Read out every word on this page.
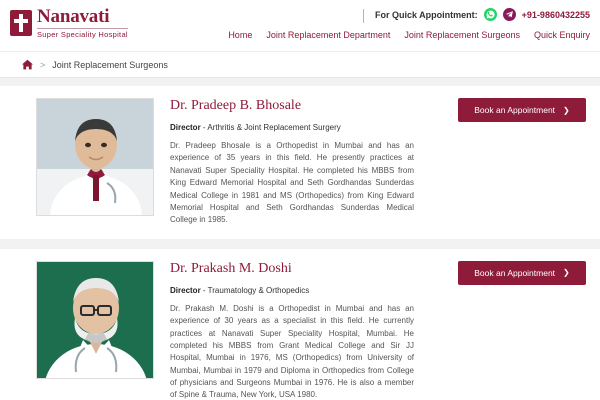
Nanavati
Super Speciality Hospital
For Quick Appointment:	+91-9860432255
Home Joint Replacement Department Joint Replacement Surgeons Quick Enquiry
> Joint Replacement Surgeons
Dr. Pradeep B. Bhosale
Director - Arthritis & Joint Replacement Surgery

Dr. Pradeep Bhosale is a Orthopedist in Mumbai and has an experience of 35 years in this field. He presently practices at Nanavati Super Speciality Hospital. He completed his MBBS from King Edward Memorial Hospital and Seth Gordhandas Sunderdas Medical College in 1981 and MS (Orthopedics) from King Edward Memorial Hospital and Seth Gordhandas Sunderdas Medical College in 1985.

Book an Appointment ❯
Dr. Prakash M. Doshi
Director - Traumatology & Orthopedics

Dr. Prakash M. Doshi is a Orthopedist in Mumbai and has an experience of 30 years as a specialist in this field. He currently practices at Nanavati Super Speciality Hospital, Mumbai. He completed his MBBS from Grant Medical College and Sir JJ Hospital, Mumbai in 1976, MS (Orthopedics) from University of Mumbai, Mumbai in 1979 and Diploma in Orthopedics from College of physicians and Surgeons Mumbai in 1976. He is also a member of Spine & Trauma, New York, USA 1980.

Book an Appointment ❯
